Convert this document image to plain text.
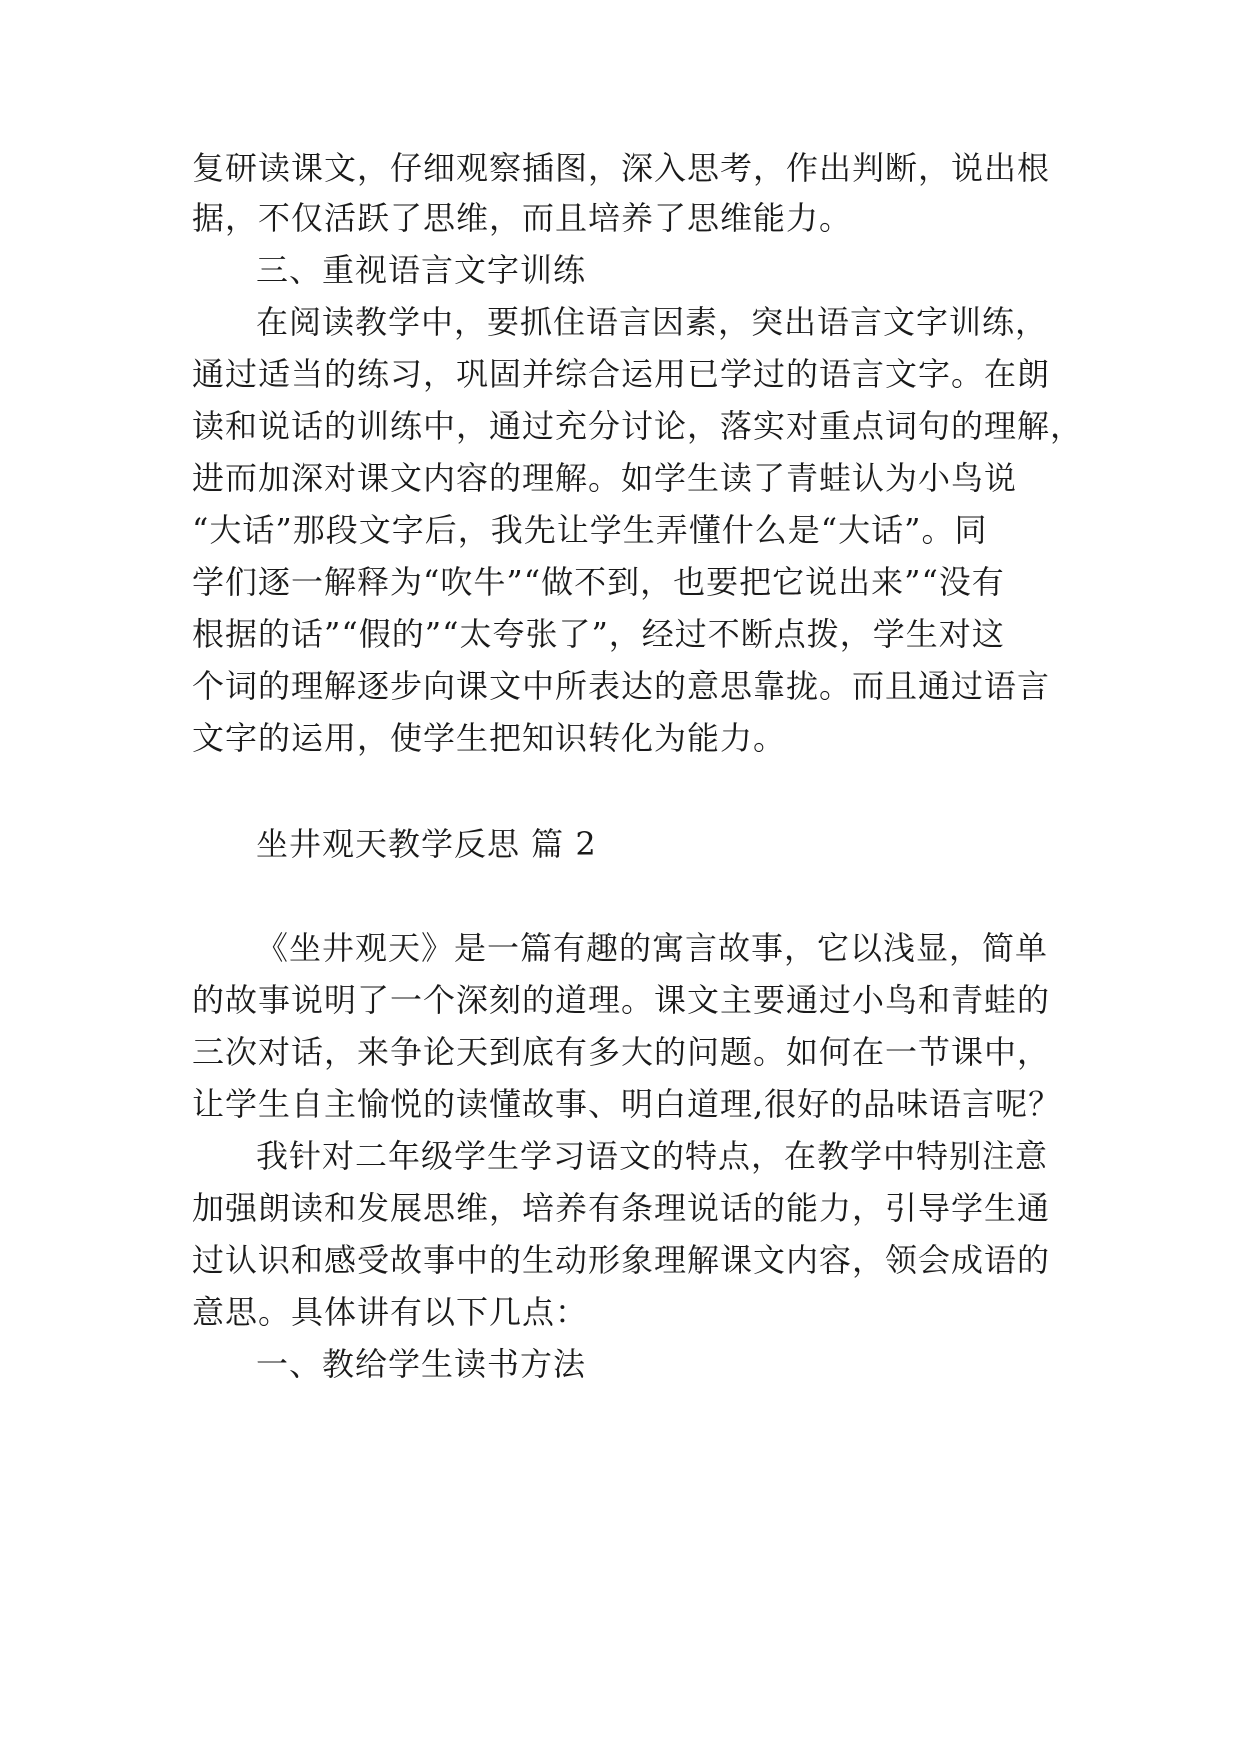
复研读课文，仔细观察插图，深入思考，作出判断，说出根
据，不仅活跃了思维，而且培养了思维能力。
三、重视语言文字训练
在阅读教学中，要抓住语言因素，突出语言文字训练，
通过适当的练习，巩固并综合运用已学过的语言文字。在朗
读和说话的训练中，通过充分讨论，落实对重点词句的理解，
进而加深对课文内容的理解。如学生读了青蛙认为小鸟说
“大话”那段文字后，我先让学生弄懂什么是“大话”。同
学们逐一解释为“吹牛”“做不到，也要把它说出来”“没有
根据的话”“假的”“太夸张了”，经过不断点拨，学生对这
个词的理解逐步向课文中所表达的意思靠拢。而且通过语言
文字的运用，使学生把知识转化为能力。
坐井观天教学反思 篇 2
《坐井观天》是一篇有趣的寓言故事，它以浅显，简单
的故事说明了一个深刻的道理。课文主要通过小鸟和青蛙的
三次对话，来争论天到底有多大的问题。如何在一节课中，
让学生自主愉悦的读懂故事、明白道理,很好的品味语言呢？
我针对二年级学生学习语文的特点，在教学中特别注意
加强朗读和发展思维，培养有条理说话的能力，引导学生通
过认识和感受故事中的生动形象理解课文内容，领会成语的
意思。具体讲有以下几点：
一、教给学生读书方法
